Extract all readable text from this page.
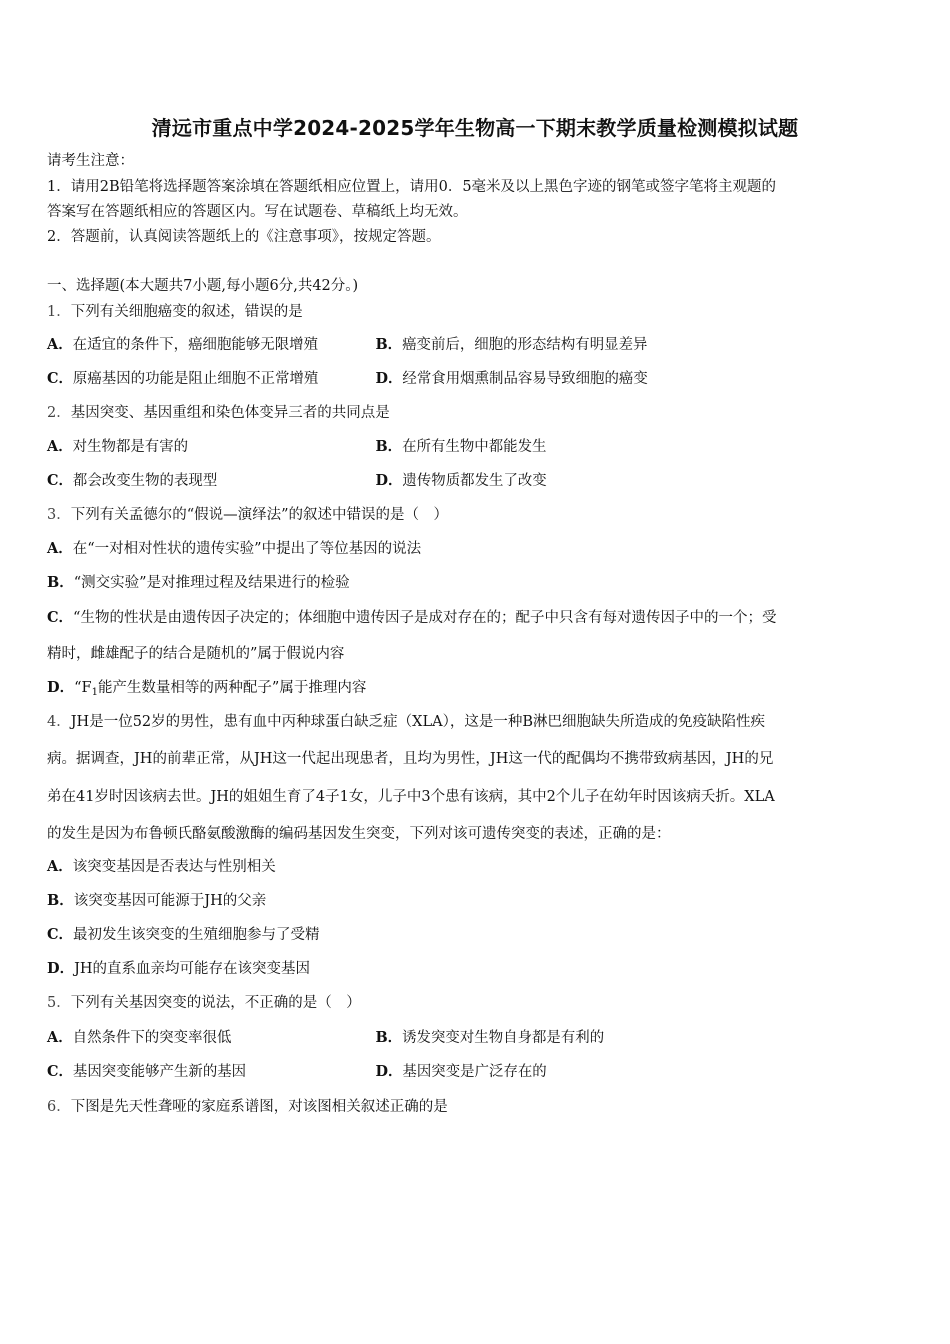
清远市重点中学2024-2025学年生物高一下期末教学质量检测模拟试题
请考生注意：
1．请用2B铅笔将选择题答案涂填在答题纸相应位置上，请用0．5毫米及以上黑色字迹的钢笔或签字笔将主观题的
答案写在答题纸相应的答题区内。写在试题卷、草稿纸上均无效。
2．答题前，认真阅读答题纸上的《注意事项》，按规定答题。
一、选择题(本大题共7小题,每小题6分,共42分。)
1．下列有关细胞癌变的叙述，错误的是
A．在适宜的条件下，癌细胞能够无限增殖	B．癌变前后，细胞的形态结构有明显差异
C．原癌基因的功能是阻止细胞不正常增殖	D．经常食用烟熏制品容易导致细胞的癌变
2．基因突变、基因重组和染色体变异三者的共同点是
A．对生物都是有害的	B．在所有生物中都能发生
C．都会改变生物的表现型	D．遗传物质都发生了改变
3．下列有关孟德尔的“假说—演绎法”的叙述中错误的是（　）
A．在“一对相对性状的遗传实验”中提出了等位基因的说法
B．“测交实验”是对推理过程及结果进行的检验
C．“生物的性状是由遗传因子决定的；体细胞中遗传因子是成对存在的；配子中只含有每对遗传因子中的一个；受
精时，雌雄配子的结合是随机的”属于假说内容
D．“$F_1$能产生数量相等的两种配子”属于推理内容
4．JH是一位52岁的男性，患有血中丙种球蛋白缺乏症（XLA），这是一种B淋巴细胞缺失所造成的免疫缺陷性疾
病。据调查，JH的前辈正常，从JH这一代起出现患者，且均为男性，JH这一代的配偶均不携带致病基因，JH的兄
弟在41岁时因该病去世。JH的姐姐生育了4子1女，儿子中3个患有该病，其中2个儿子在幼年时因该病夭折。XLA
的发生是因为布鲁顿氏酪氨酸激酶的编码基因发生突变，下列对该可遗传突变的表述，正确的是：
A．该突变基因是否表达与性别相关
B．该突变基因可能源于JH的父亲
C．最初发生该突变的生殖细胞参与了受精
D．JH的直系血亲均可能存在该突变基因
5．下列有关基因突变的说法，不正确的是（　）
A．自然条件下的突变率很低	B．诱发突变对生物自身都是有利的
C．基因突变能够产生新的基因	D．基因突变是广泛存在的
6．下图是先天性聋哑的家庭系谱图，对该图相关叙述正确的是
